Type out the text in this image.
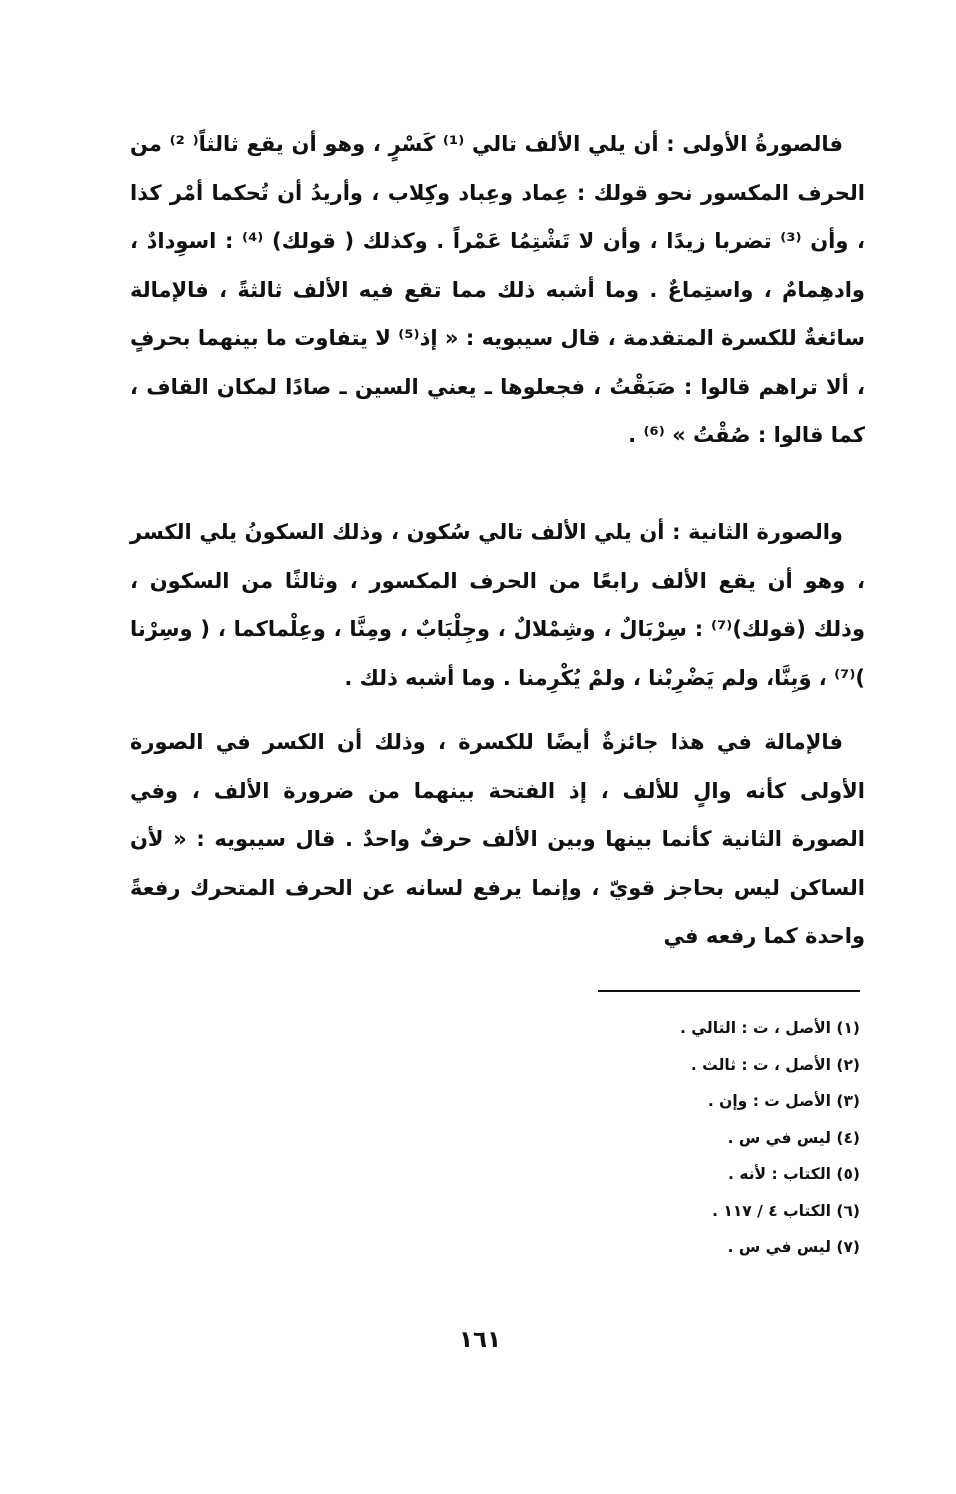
فالصورةُ الأولى : أن يلي الألف تالي ⁽¹⁾ كَسْرٍ ، وهو أن يقع ثالثاً⁽ ²⁾ من الحرف المكسور نحو قولك : عِماد وعِباد وكِلاب ، وأريدُ أن تُحكما أمْر كذا ، وأن ⁽³⁾ تضربا زيدًا ، وأن لا تَشْتِمُا عَمْراً . وكذلك ( قولك) ⁽⁴⁾ : اسوِدادٌ ، وادهِمامٌ ، واستِماعٌ . وما أشبه ذلك مما تقع فيه الألف ثالثةً ، فالإمالة سائغةٌ للكسرة المتقدمة ، قال سيبويه : « إذ⁽⁵⁾ لا يتفاوت ما بينهما بحرفٍ ، ألا تراهم قالوا : صَبَقْتُ ، فجعلوها ـ يعني السين ـ صادًا لمكان القاف ، كما قالوا : صُقْتُ » ⁽⁶⁾ .

والصورة الثانية : أن يلي الألف تالي سُكون ، وذلك السكونُ يلي الكسر ، وهو أن يقع الألف رابعًا من الحرف المكسور ، وثالثًا من السكون ، وذلك (قولك)⁽⁷⁾ : سِرْبَالٌ ، وشِمْلالٌ ، وجِلْبَابٌ ، ومِنَّا ، وعِلْماكما ، ( وسِرْنا )⁽⁷⁾ ، وَبِنَّا، ولم يَضْرِبْنا ، ولمْ يُكْرِمنا . وما أشبه ذلك .

فالإمالة في هذا جائزةٌ أيضًا للكسرة ، وذلك أن الكسر في الصورة الأولى كأنه والٍ للألف ، إذ الفتحة بينهما من ضرورة الألف ، وفي الصورة الثانية كأنما بينها وبين الألف حرفٌ واحدٌ . قال سيبويه : « لأن الساكن ليس بحاجز قويّ ، وإنما يرفع لسانه عن الحرف المتحرك رفعةً واحدة كما رفعه في

(١) الأصل ، ت : التالي .
(٢) الأصل ، ت : ثالث .
(٣) الأصل ت : وإن .
(٤) ليس في س .
(٥) الكتاب : لأنه .
(٦) الكتاب ٤ / ١١٧ .
(٧) ليس في س .
١٦١
